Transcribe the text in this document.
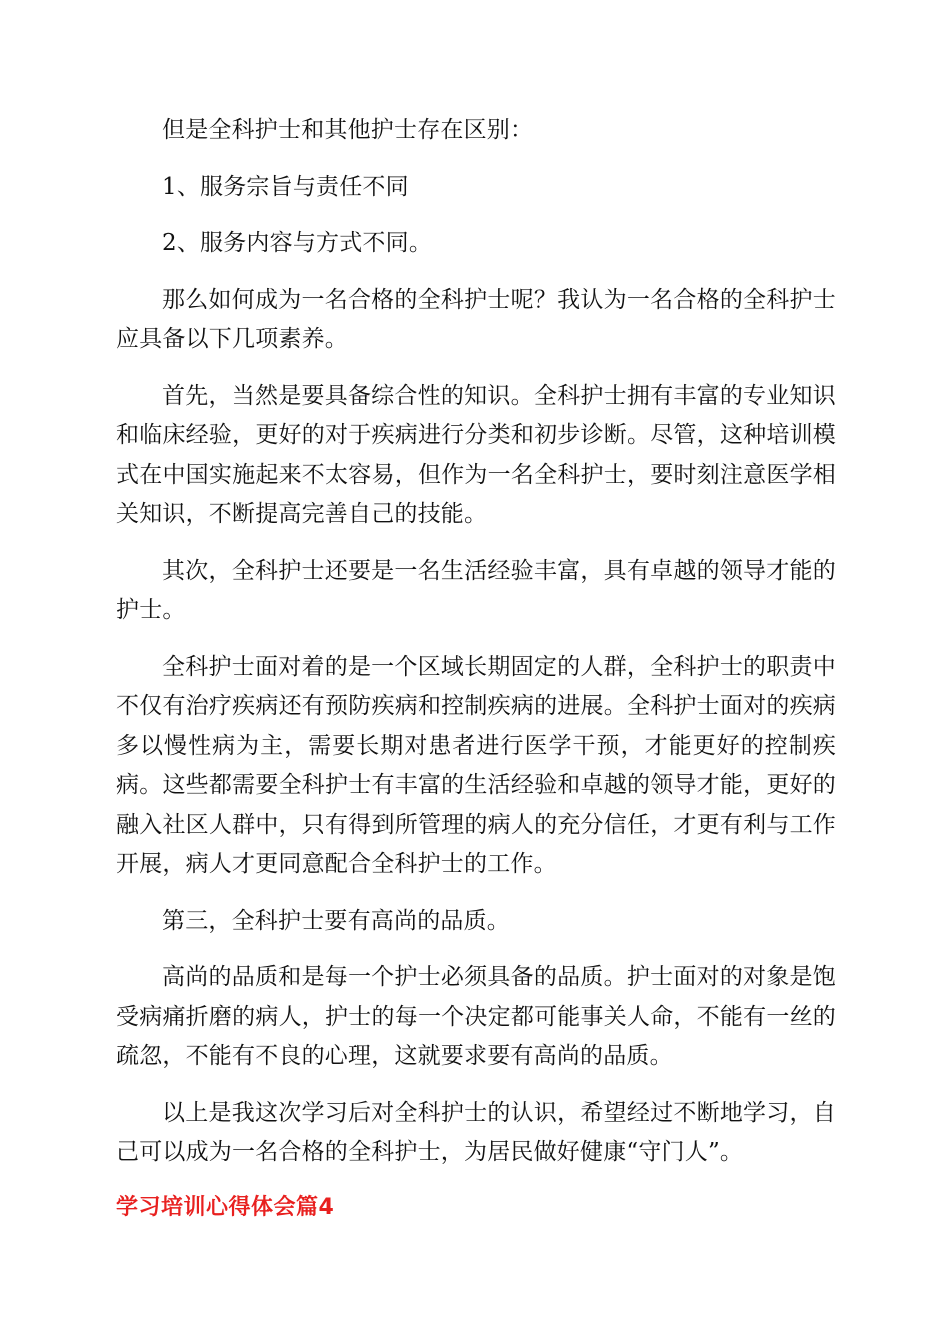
但是全科护士和其他护士存在区别：

1、服务宗旨与责任不同

2、服务内容与方式不同。

那么如何成为一名合格的全科护士呢？我认为一名合格的全科护士应具备以下几项素养。

首先，当然是要具备综合性的知识。全科护士拥有丰富的专业知识和临床经验，更好的对于疾病进行分类和初步诊断。尽管，这种培训模式在中国实施起来不太容易，但作为一名全科护士，要时刻注意医学相关知识，不断提高完善自己的技能。

其次，全科护士还要是一名生活经验丰富，具有卓越的领导才能的护士。

全科护士面对着的是一个区域长期固定的人群，全科护士的职责中不仅有治疗疾病还有预防疾病和控制疾病的进展。全科护士面对的疾病多以慢性病为主，需要长期对患者进行医学干预，才能更好的控制疾病。这些都需要全科护士有丰富的生活经验和卓越的领导才能，更好的融入社区人群中，只有得到所管理的病人的充分信任，才更有利与工作开展，病人才更同意配合全科护士的工作。

第三，全科护士要有高尚的品质。

高尚的品质和是每一个护士必须具备的品质。护士面对的对象是饱受病痛折磨的病人，护士的每一个决定都可能事关人命，不能有一丝的疏忽，不能有不良的心理，这就要求要有高尚的品质。

以上是我这次学习后对全科护士的认识，希望经过不断地学习，自己可以成为一名合格的全科护士，为居民做好健康“守门人”。

学习培训心得体会篇4
